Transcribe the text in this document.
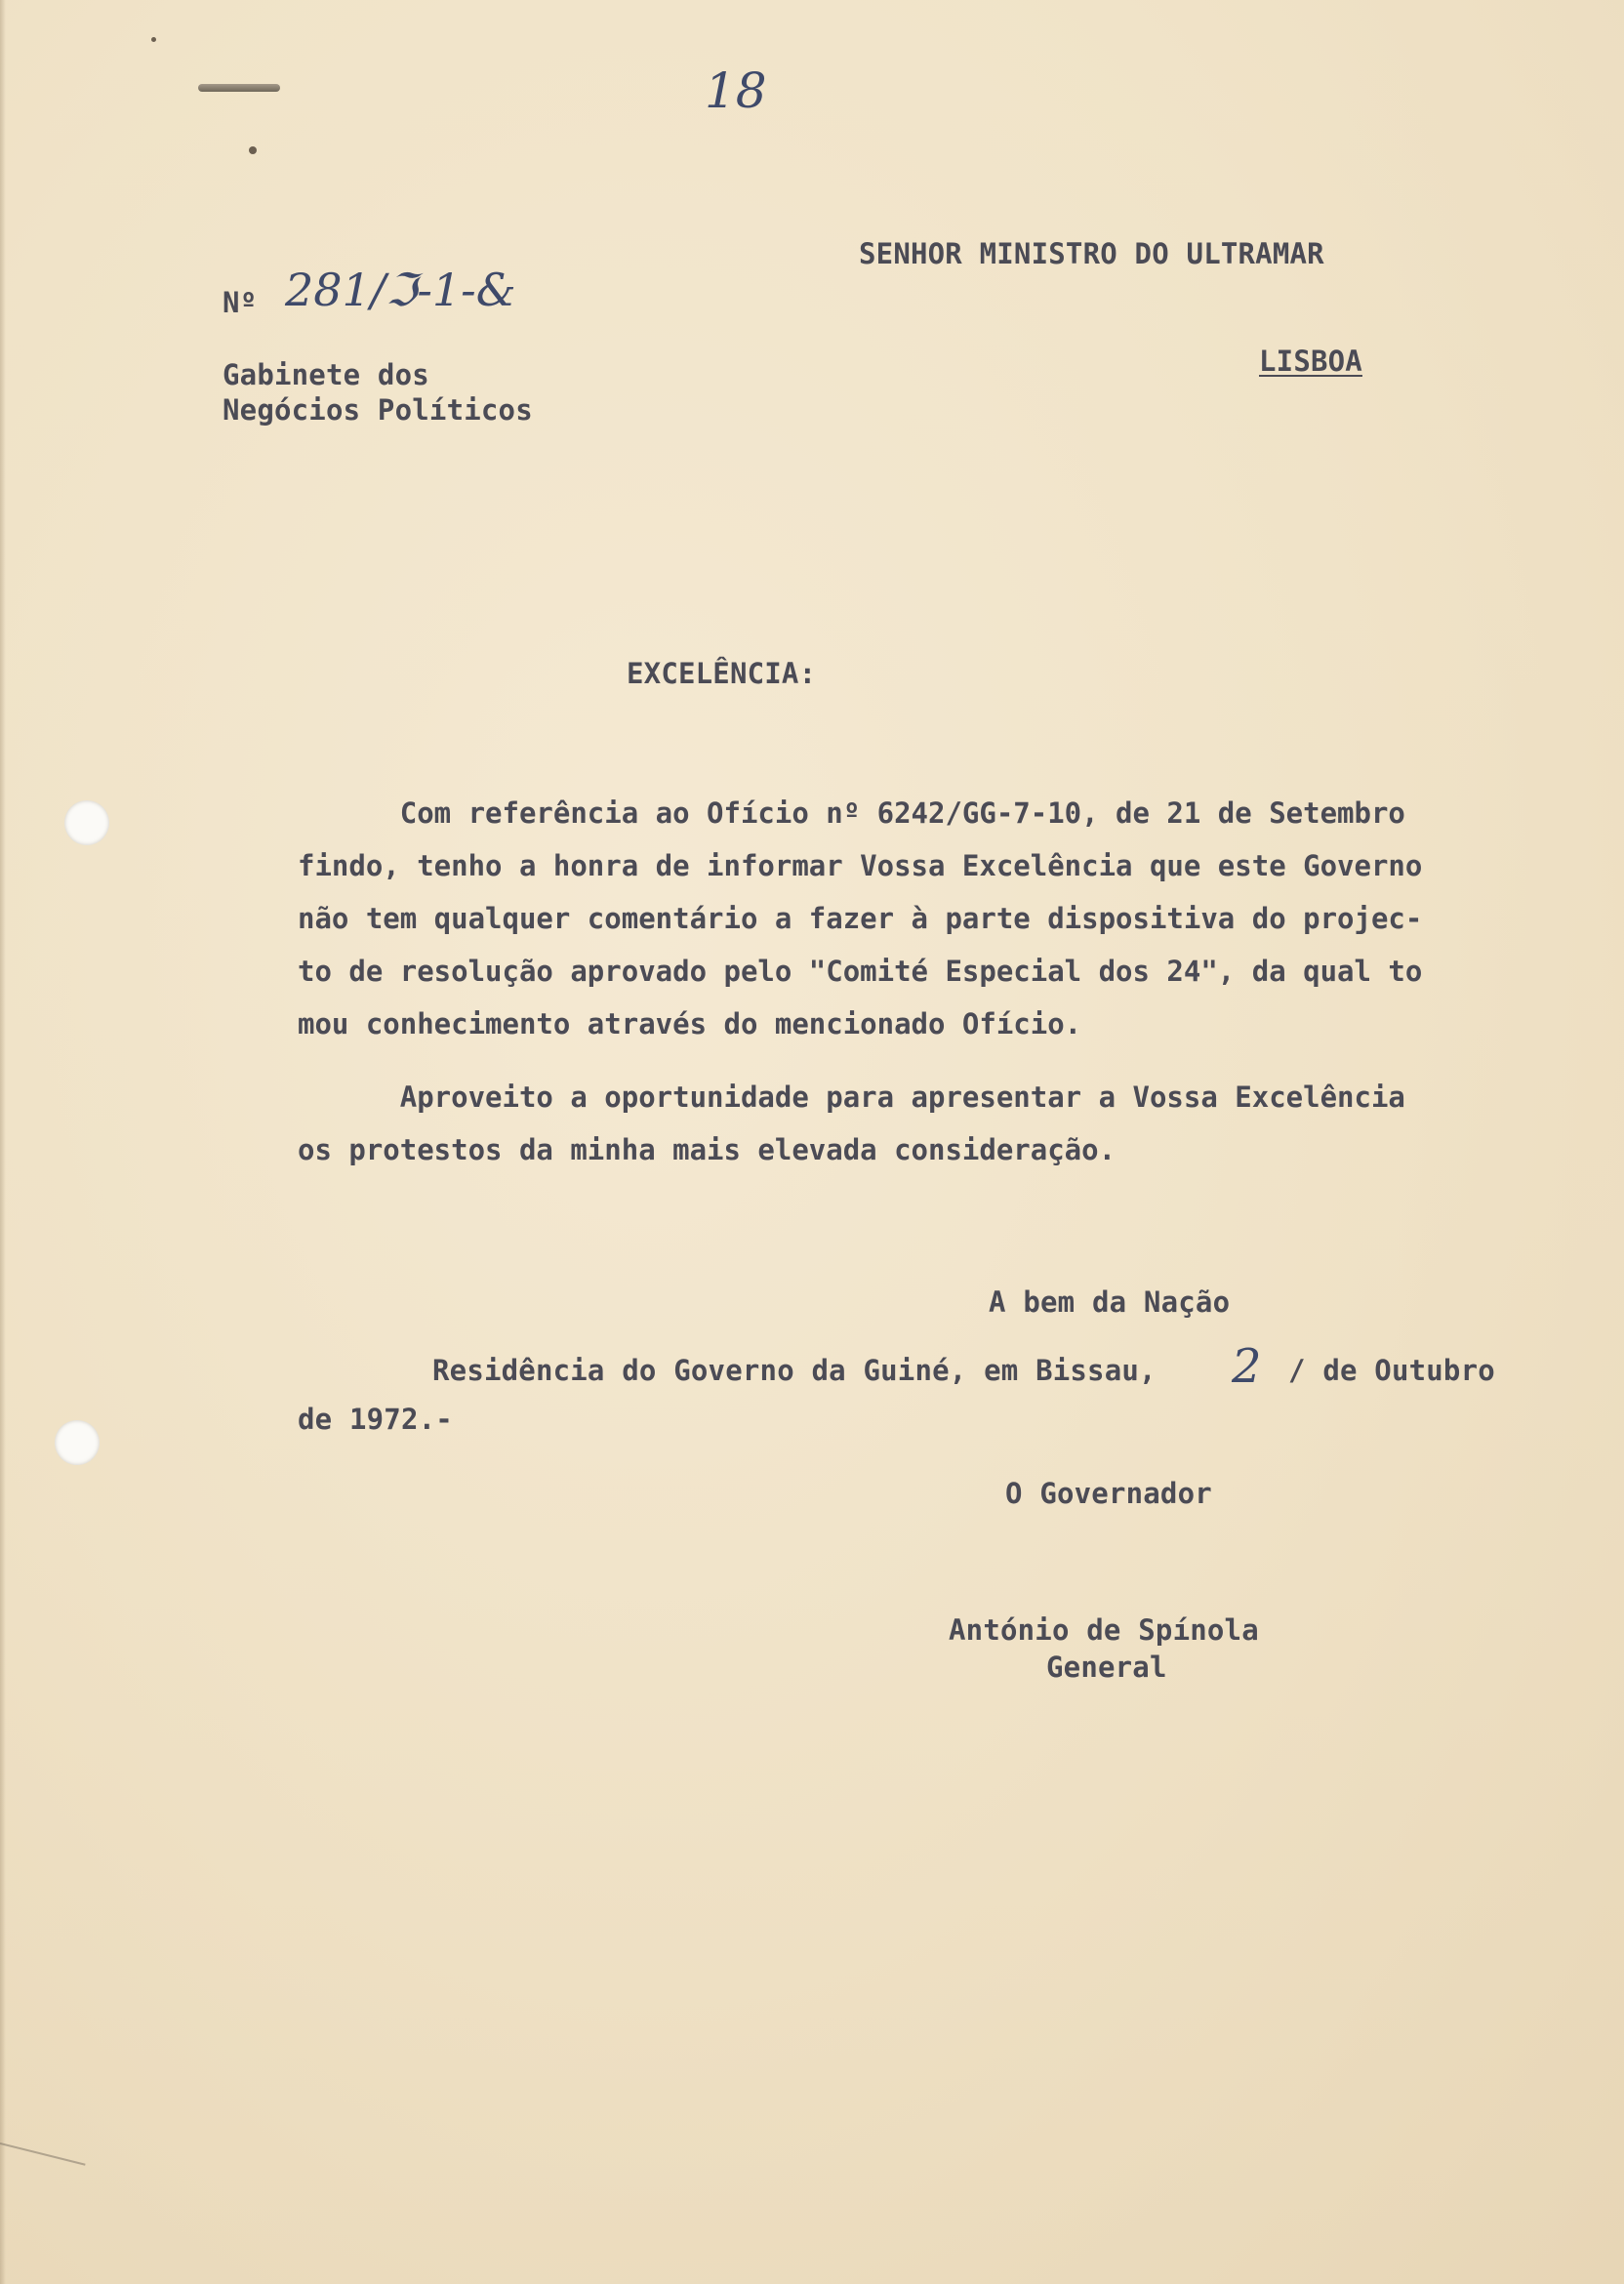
18
SENHOR MINISTRO DO ULTRAMAR
LISBOA
Nº 281/ℑ-1-&
Gabinete dos
Negócios Políticos
EXCELÊNCIA:
Com referência ao Ofício nº 6242/GG-7-10, de 21 de Setembro
findo, tenho a honra de informar Vossa Excelência que este Governo
não tem qualquer comentário a fazer à parte dispositiva do projec-
to de resolução aprovado pelo "Comité Especial dos 24", da qual to
mou conhecimento através do mencionado Ofício.
Aproveito a oportunidade para apresentar a Vossa Excelência
os protestos da minha mais elevada consideração.
A bem da Nação
Residência do Governo da Guiné, em Bissau, 2 / de Outubro
de 1972.-
O Governador
António de Spínola
General
